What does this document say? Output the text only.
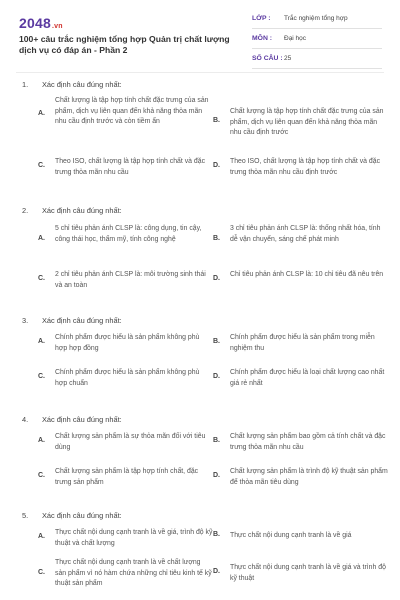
2048.vn
100+ câu trắc nghiệm tổng hợp Quản trị chất lượng dịch vụ có đáp án - Phần 2
LỚP : Trắc nghiệm tổng hợp
MÔN : Đại học
SỐ CÂU : 25
1. Xác định câu đúng nhất:
A.
Chất lượng là tập hợp tính chất đặc trưng của sản phẩm, dịch vụ liên quan đến khả năng thỏa mãn nhu cầu định trước và còn tiềm ẩn	B.
Chất lượng là tập hợp tính chất đặc trưng của sản phẩm, dịch vụ liên quan đến khả năng thỏa mãn nhu cầu định trước
C.
Theo ISO, chất lượng là tập hợp tính chất và đặc trưng thỏa mãn nhu cầu
D.
Theo ISO, chất lượng là tập hợp tính chất và đặc trưng thỏa mãn nhu cầu định trước
2. Xác định câu đúng nhất:
A.
5 chỉ tiêu phản ánh CLSP là: công dụng, tin cậy, công thái học, thẩm mỹ, tính công nghệ	B.
3 chỉ tiêu phản ánh CLSP là: thống nhất hóa, tính dễ vận chuyển, sáng chế phát minh
C.
2 chỉ tiêu phản ánh CLSP là: môi trường sinh thái và an toàn
D.
Chỉ tiêu phản ánh CLSP là: 10 chỉ tiêu đã nêu trên
3. Xác định câu đúng nhất:
A.
Chính phẩm được hiểu là sản phẩm không phù hợp hợp đồng
B.
Chính phẩm được hiểu là sản phẩm trong miễn nghiệm thu
C.
Chính phẩm được hiểu là sản phẩm không phù hợp chuẩn
D.
Chính phẩm được hiểu là loại chất lượng cao nhất giá rẻ nhất
4. Xác định câu đúng nhất:
A.
Chất lượng sản phẩm là sự thỏa mãn đối với tiêu dùng
B.
Chất lượng sản phẩm bao gồm cả tính chất và đặc trưng thỏa mãn nhu cầu
C.
Chất lượng sản phẩm là tập hợp tính chất, đặc trưng sản phẩm
D.
Chất lượng sản phẩm là trình độ kỹ thuật sản phẩm để thỏa mãn tiêu dùng
5. Xác định câu đúng nhất:
A.
Thực chất nội dung cạnh tranh là về giá, trình độ kỹ thuật và chất lượng
B. Thực chất nội dung cạnh tranh là về giá
C.
Thực chất nội dung cạnh tranh là về chất lượng sản phẩm vì nó hàm chứa những chỉ tiêu kinh tế kỹ thuật sản phẩm
D.
Thực chất nội dung cạnh tranh là về giá và trình độ kỹ thuật
